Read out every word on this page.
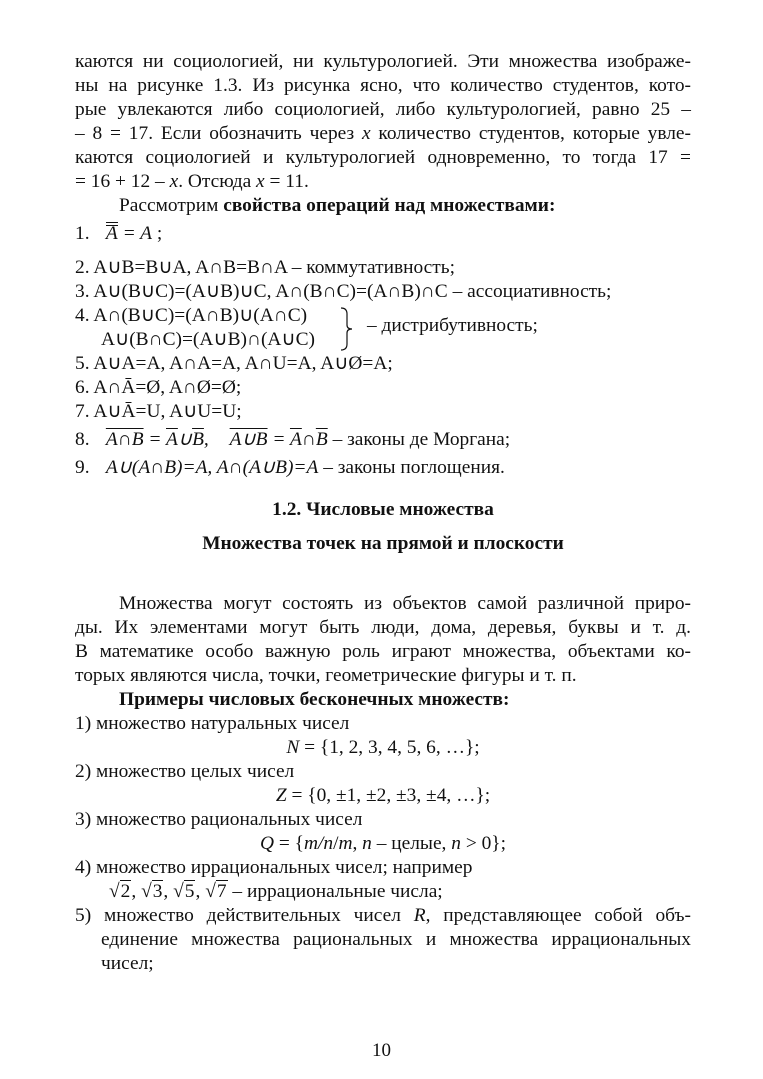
каются ни социологией, ни культурологией. Эти множества изображе-
ны на рисунке 1.3. Из рисунка ясно, что количество студентов, кото-
рые увлекаются либо социологией, либо культурологией, равно 25 –
– 8 = 17. Если обозначить через x количество студентов, которые увле-
каются социологией и культурологией одновременно, то тогда 17 =
= 16 + 12 – x. Отсюда x = 11.
Рассмотрим свойства операций над множествами:
1. A = A ;
2. A∪B=B∪A, A∩B=B∩A – коммутативность;
3. A∪(B∪C)=(A∪B)∪C, A∩(B∩C)=(A∩B)∩C – ассоциативность;
4. A∩(B∪C)=(A∩B)∪(A∩C)
A∪(B∩C)=(A∪B)∩(A∪C)
– дистрибутивность;
5. A∪A=A, A∩A=A, A∩U=A, A∪Ø=A;
6. A∩Ā=Ø, A∩Ø=Ø;
7. A∪Ā=U, A∪U=U;
8. A∩B = $\overline{A}\cup\overline{B}$, A∪B = $\overline{A}\cap\overline{B}$ – законы де Моргана;
9. A∪(A∩B)=A, A∩(A∪B)=A – законы поглощения.
1.2. Числовые множества
Множества точек на прямой и плоскости
Множества могут состоять из объектов самой различной приро-
ды. Их элементами могут быть люди, дома, деревья, буквы и т. д.
В математике особо важную роль играют множества, объектами ко-
торых являются числа, точки, геометрические фигуры и т. п.
Примеры числовых бесконечных множеств:
1) множество натуральных чисел
N = {1, 2, 3, 4, 5, 6, …};
2) множество целых чисел
Z = {0, ±1, ±2, ±3, ±4, …};
3) множество рациональных чисел
Q = {m/n/m, n – целые, n > 0};
4) множество иррациональных чисел; например
√2, √3, √5, √7 – иррациональные числа;
5) множество действительных чисел R, представляющее собой объ-
единение множества рациональных и множества иррациональных
чисел;
10
